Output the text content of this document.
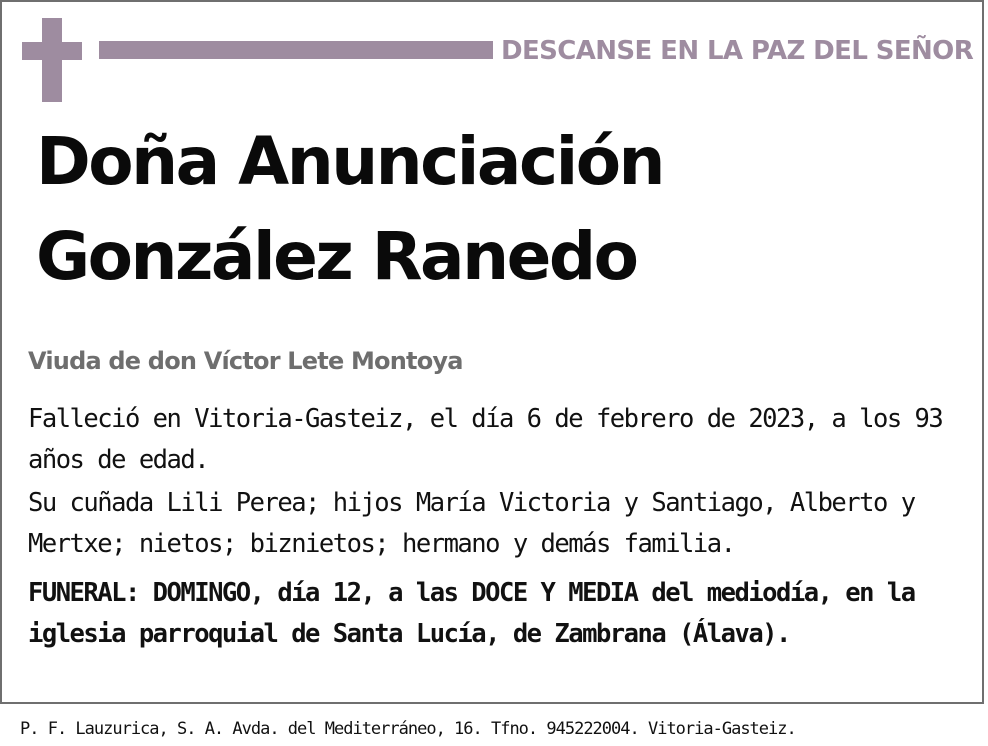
DESCANSE EN LA PAZ DEL SEÑOR
Doña Anunciación
González Ranedo
Viuda de don Víctor Lete Montoya

Falleció en Vitoria-Gasteiz, el día 6 de febrero de 2023, a los 93 años de edad.

Su cuñada Lili Perea; hijos María Victoria y Santiago, Alberto y Mertxe; nietos; biznietos; hermano y demás familia.

FUNERAL: DOMINGO, día 12, a las DOCE Y MEDIA del mediodía, en la iglesia parroquial de Santa Lucía, de Zambrana (Álava).

P. F. Lauzurica, S. A. Avda. del Mediterráneo, 16. Tfno. 945222004. Vitoria-Gasteiz.
